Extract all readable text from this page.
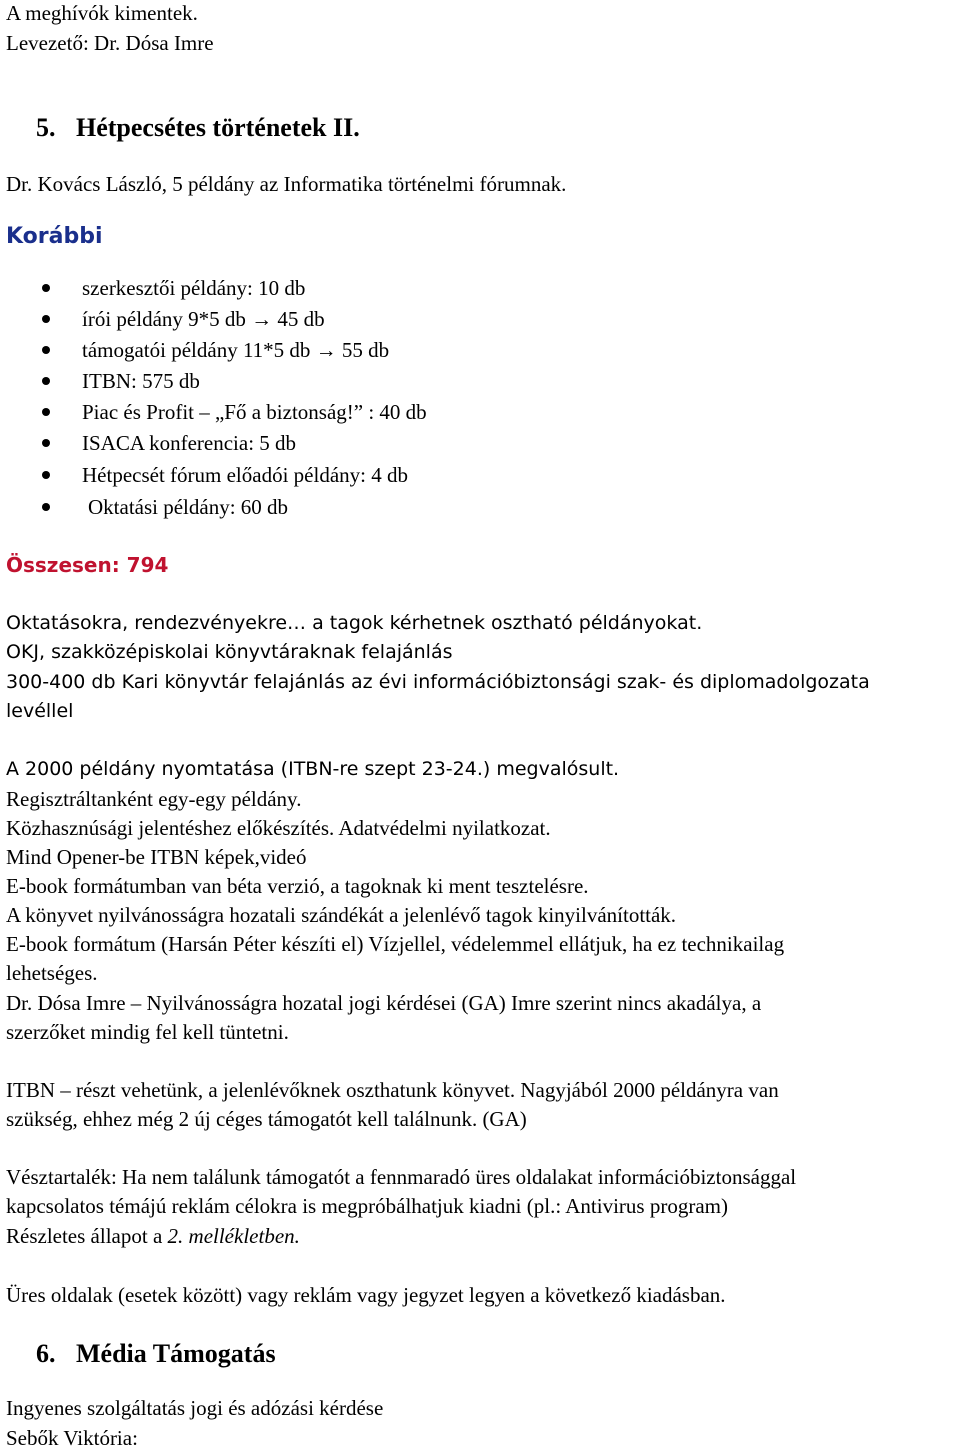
A meghívók kimentek.
Levezető: Dr. Dósa Imre
5. Hétpecsétes történetek II.
Dr. Kovács László, 5 példány az Informatika történelmi fórumnak.
Korábbi
szerkesztői példány: 10 db
írói példány 9*5 db → 45 db
támogatói példány 11*5 db → 55 db
ITBN: 575 db
Piac és Profit – „Fő a biztonság!” : 40 db
ISACA konferencia: 5 db
Hétpecsét fórum előadói példány: 4 db
Oktatási példány: 60 db
Összesen: 794
Oktatásokra, rendezvényekre… a tagok kérhetnek osztható példányokat.
OKJ, szakközépiskolai könyvtáraknak felajánlás
300-400 db Kari könyvtár felajánlás az évi információbiztonsági szak- és diplomadolgozata
levéllel
A 2000 példány nyomtatása (ITBN-re szept 23-24.) megvalósult.
Regisztráltanként egy-egy példány.
Közhasznúsági jelentéshez előkészítés. Adatvédelmi nyilatkozat.
Mind Opener-be ITBN képek,videó
E-book formátumban van béta verzió, a tagoknak ki ment tesztelésre.
A könyvet nyilvánosságra hozatali szándékát a jelenlévő tagok kinyilvánították.
E-book formátum (Harsán Péter készíti el) Vízjellel, védelemmel ellátjuk, ha ez technikailag
lehetséges.
Dr. Dósa Imre – Nyilvánosságra hozatal jogi kérdései (GA) Imre szerint nincs akadálya, a
szerzőket mindig fel kell tüntetni.
ITBN – részt vehetünk, a jelenlévőknek oszthatunk könyvet. Nagyjából 2000 példányra van
szükség, ehhez még 2 új céges támogatót kell találnunk. (GA)
Vésztartalék: Ha nem találunk támogatót a fennmaradó üres oldalakat információbiztonsággal
kapcsolatos témájú reklám célokra is megpróbálhatjuk kiadni (pl.: Antivirus program)
Részletes állapot a 2. mellékletben.
Üres oldalak (esetek között) vagy reklám vagy jegyzet legyen a következő kiadásban.
6. Média Támogatás
Ingyenes szolgáltatás jogi és adózási kérdése
Sebők Viktória:
